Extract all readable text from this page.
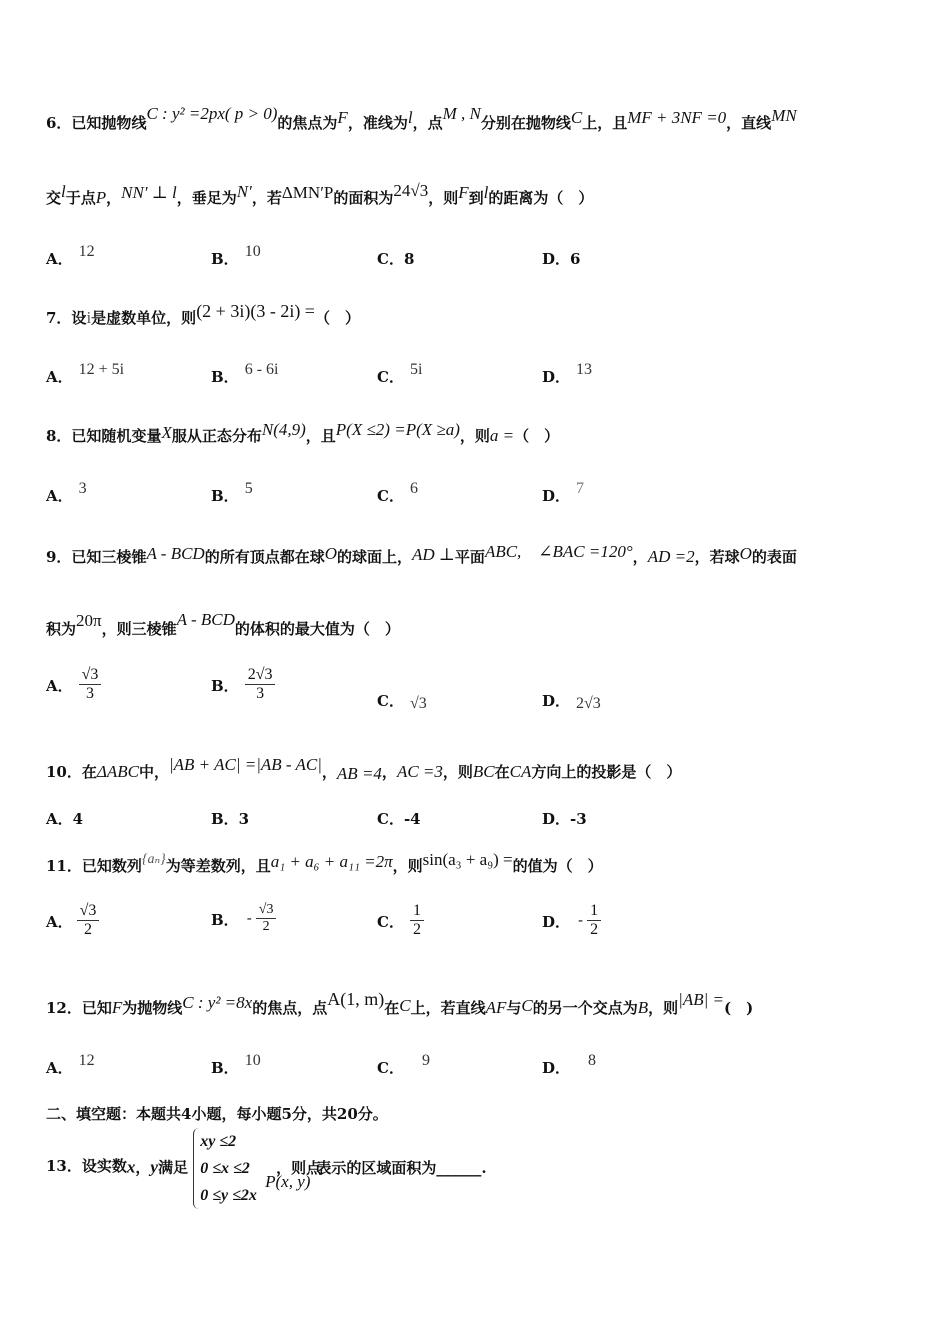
6．已知抛物线C : y² =2px( p > 0)的焦点为F，准线为l，点M , N分别在抛物线C上，且MF + 3NF =0，直线MN
交l于点P，NN′ ⊥ l，垂足为N′，若ΔMN′P的面积为24√3，则F到l的距离为（　）
A． 12	B． 10	C．8	D．6
7．设i是虚数单位，则(2 + 3i)(3 - 2i) =（　）
A． 12 + 5i	B． 6 - 6i	C． 5i	D． 13
8．已知随机变量X服从正态分布N(4,9)，且P(X ≤2) =P(X ≥a)，则a =（　）
A． 3	B． 5	C． 6	D． 7
9．已知三棱锥A - BCD的所有顶点都在球O的球面上，AD ⊥平面ABC,　∠BAC =120°，AD =2，若球O的表面
积为20π，则三棱锥A - BCD的体积的最大值为（　）
A． $\frac{√3}{3}$	B． $\frac{2√3}{3}$	C． √3	D． 2√3
10．在ΔABC中，|AB + AC| =|AB - AC|，AB =4，AC =3，则BC在CA方向上的投影是（　）
A．4	B．3	C．-4	D．-3
11．已知数列{aₙ}为等差数列，且a₁ + a₆ + a₁₁ =2π，则sin(a₃ + a₉) =的值为（　）
A． $\frac{√3}{2}$	B． - $\frac{√3}{2}$	C． $\frac{1}{2}$	D． - $\frac{1}{2}$
12．已知F为抛物线C : y² =8x的焦点，点A(1, m)在C上，若直线AF与C的另一个交点为B，则|AB| =(　)
A． 12	B． 10	C． 9	D． 8
二、填空题：本题共4小题，每小题5分，共20分。
13．设实数x，y满足
xy ≤2
0 ≤x ≤2
0 ≤y ≤2x
，则点P(x, y)表示的区域面积为______.
